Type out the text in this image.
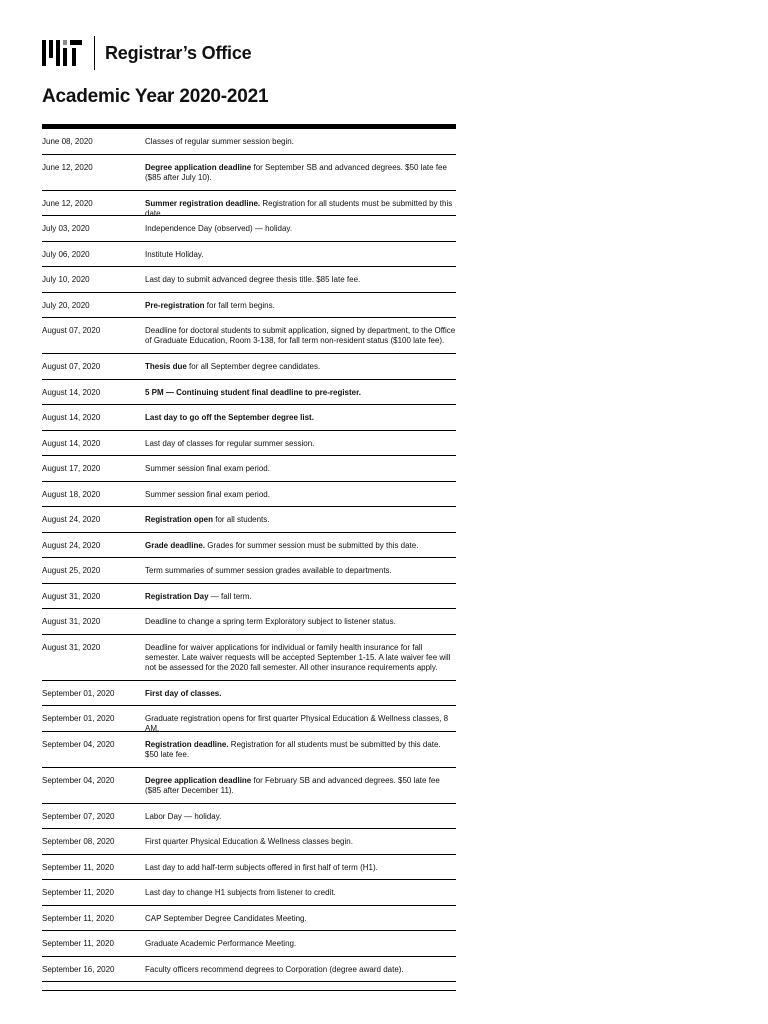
Registrar’s Office
Academic Year 2020-2021
June 08, 2020	Classes of regular summer session begin.
June 12, 2020	Degree application deadline for September SB and advanced degrees. $50 late fee ($85 after July 10).
June 12, 2020	Summer registration deadline. Registration for all students must be submitted by this date.
July 03, 2020	Independence Day (observed) — holiday.
July 06, 2020	Institute Holiday.
July 10, 2020	Last day to submit advanced degree thesis title. $85 late fee.
July 20, 2020	Pre-registration for fall term begins.
August 07, 2020	Deadline for doctoral students to submit application, signed by department, to the Office of Graduate Education, Room 3-138, for fall term non-resident status ($100 late fee).
August 07, 2020	Thesis due for all September degree candidates.
August 14, 2020	5 PM — Continuing student final deadline to pre-register.
August 14, 2020	Last day to go off the September degree list.
August 14, 2020	Last day of classes for regular summer session.
August 17, 2020	Summer session final exam period.
August 18, 2020	Summer session final exam period.
August 24, 2020	Registration open for all students.
August 24, 2020	Grade deadline. Grades for summer session must be submitted by this date.
August 25, 2020	Term summaries of summer session grades available to departments.
August 31, 2020	Registration Day — fall term.
August 31, 2020	Deadline to change a spring term Exploratory subject to listener status.
August 31, 2020	Deadline for waiver applications for individual or family health insurance for fall semester. Late waiver requests will be accepted September 1-15. A late waiver fee will not be assessed for the 2020 fall semester. All other insurance requirements apply.
September 01, 2020	First day of classes.
September 01, 2020	Graduate registration opens for first quarter Physical Education & Wellness classes, 8 AM.
September 04, 2020	Registration deadline. Registration for all students must be submitted by this date. $50 late fee.
September 04, 2020	Degree application deadline for February SB and advanced degrees. $50 late fee ($85 after December 11).
September 07, 2020	Labor Day — holiday.
September 08, 2020	First quarter Physical Education & Wellness classes begin.
September 11, 2020	Last day to add half-term subjects offered in first half of term (H1).
September 11, 2020	Last day to change H1 subjects from listener to credit.
September 11, 2020	CAP September Degree Candidates Meeting.
September 11, 2020	Graduate Academic Performance Meeting.
September 16, 2020	Faculty officers recommend degrees to Corporation (degree award date).
